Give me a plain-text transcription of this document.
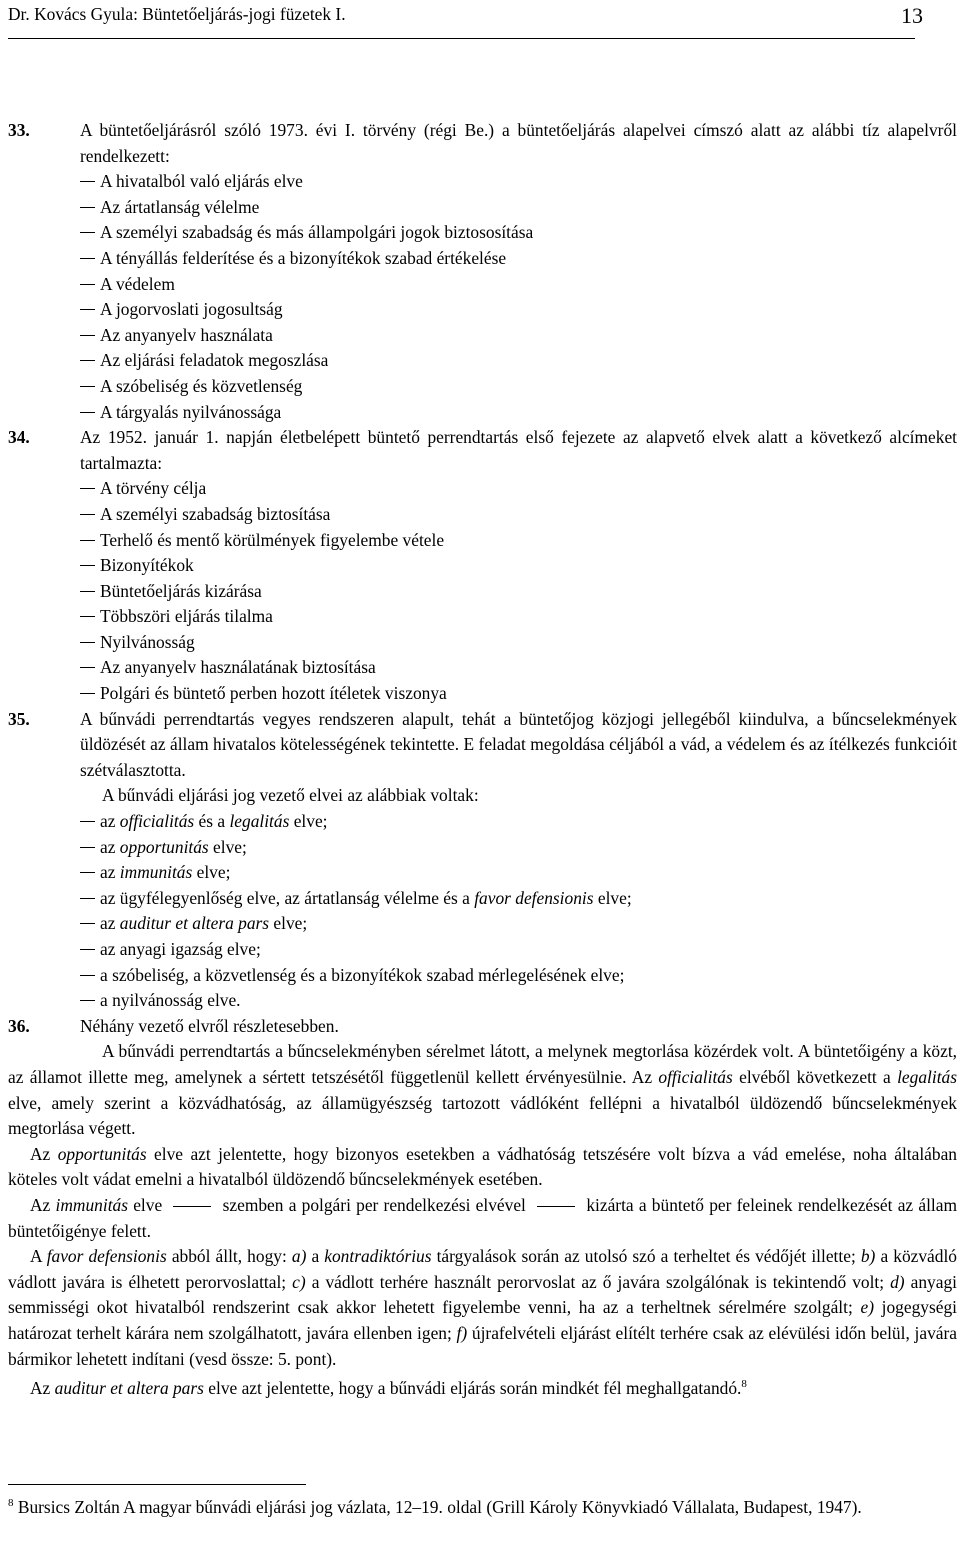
Dr. Kovács Gyula: Büntetőeljárás-jogi füzetek I.	13
33.	A büntetőeljárásról szóló 1973. évi I. törvény (régi Be.) a büntetőeljárás alapelvei címszó alatt az alábbi tíz alapelvről rendelkezett:
A hivatalból való eljárás elve
Az ártatlanság vélelme
A személyi szabadság és más állampolgári jogok biztososítása
A tényállás felderítése és a bizonyítékok szabad értékelése
A védelem
A jogorvoslati jogosultság
Az anyanyelv használata
Az eljárási feladatok megoszlása
A szóbeliség és közvetlenség
A tárgyalás nyilvánossága
34.	Az 1952. január 1. napján életbelépett büntető perrendtartás első fejezete az alapvető elvek alatt a következő alcímeket tartalmazta:
A törvény célja
A személyi szabadság biztosítása
Terhelő és mentő körülmények figyelembe vétele
Bizonyítékok
Büntetőeljárás kizárása
Többszöri eljárás tilalma
Nyilvánosság
Az anyanyelv használatának biztosítása
Polgári és büntető perben hozott ítéletek viszonya
35.	A bűnvádi perrendtartás vegyes rendszeren alapult, tehát a büntetőjog közjogi jellegéből kiindulva, a bűncselekmények üldözését az állam hivatalos kötelességének tekintette. E feladat megoldása céljából a vád, a védelem és az ítélkezés funkcióit szétválasztotta.
A bűnvádi eljárási jog vezető elvei az alábbiak voltak:
az officialitás és a legalitás elve;
az opportunitás elve;
az immunitás elve;
az ügyfélegyenlőség elve, az ártatlanság vélelme és a favor defensionis elve;
az auditur et altera pars elve;
az anyagi igazság elve;
a szóbeliség, a közvetlenség és a bizonyítékok szabad mérlegelésének elve;
a nyilvánosság elve.
36.	Néhány vezető elvről részletesebben.
A bűnvádi perrendtartás a bűncselekményben sérelmet látott, a melynek megtorlása közérdek volt. A büntetőigény a közt, az államot illette meg, amelynek a sértett tetszésétől függetlenül kellett érvényesülnie. Az officialitás elvéből következett a legalitás elve, amely szerint a közvádhatóság, az államügyészség tartozott vádlóként fellépni a hivatalból üldözendő bűncselekmények megtorlása végett.
Az opportunitás elve azt jelentette, hogy bizonyos esetekben a vádhatóság tetszésére volt bízva a vád emelése, noha általában köteles volt vádat emelni a hivatalból üldözendő bűncselekmények esetében.
Az immunitás elve	szemben a polgári per rendelkezési elvével	kizárta a büntető per feleinek rendelkezését az állam büntetőigénye felett.
A favor defensionis abból állt, hogy: a) a kontradiktórius tárgyalások során az utolsó szó a terheltet és védőjét illette; b) a közvádló vádlott javára is élhetett perorvoslattal; c) a vádlott terhére használt perorvoslat az ő javára szolgálónak is tekintendő volt; d) anyagi semmisségi okot hivatalból rendszerint csak akkor lehetett figyelembe venni, ha az a terheltnek sérelmére szolgált; e) jogegységi határozat terhelt kárára nem szolgálhatott, javára ellenben igen; f) újrafelvételi eljárást elítélt terhére csak az elévülési időn belül, javára bármikor lehetett indítani (vesd össze: 5. pont).
Az auditur et altera pars elve azt jelentette, hogy a bűnvádi eljárás során mindkét fél meghallgatandó.$^8$
$^8$ Bursics Zoltán A magyar bűnvádi eljárási jog vázlata, 12–19. oldal (Grill Károly Könyvkiadó Vállalata, Budapest, 1947).
